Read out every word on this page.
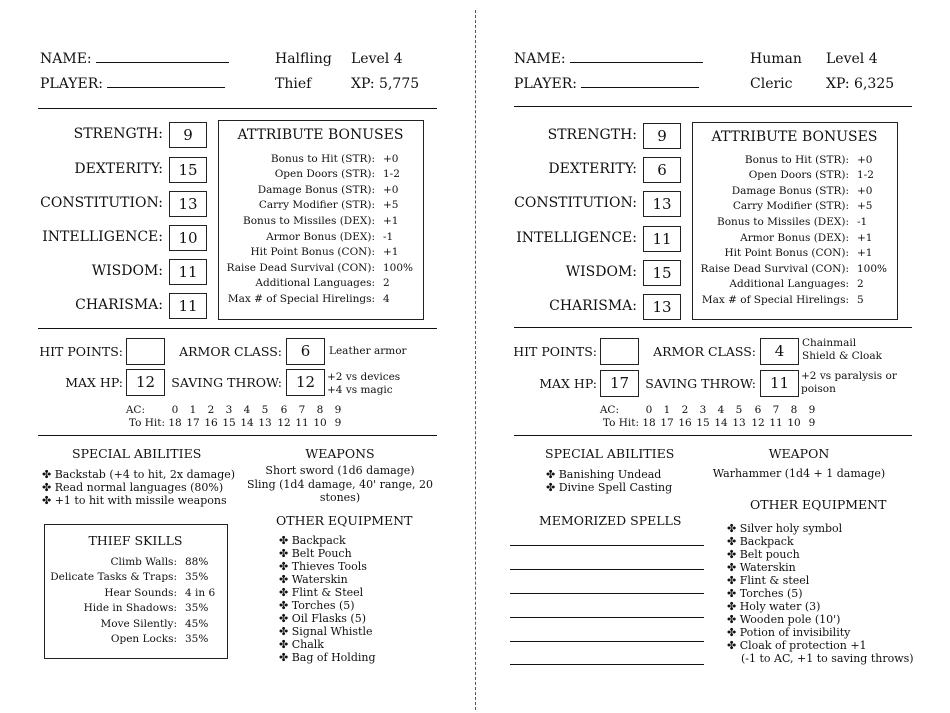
NAME:
PLAYER:
Halfling Level 4
Thief	XP: 5,775
STRENGTH:	9
DEXTERITY:	15
CONSTITUTION:	13
INTELLIGENCE:	10
WISDOM:	11
CHARISMA:	11
ATTRIBUTE BONUSES
Bonus to Hit (STR): +0
Open Doors (STR): 1-2
Damage Bonus (STR): +0
Carry Modifier (STR): +5
Bonus to Missiles (DEX): +1
Armor Bonus (DEX): -1
Hit Point Bonus (CON): +1
Raise Dead Survival (CON): 100%
Additional Languages: 2
Max # of Special Hirelings: 4
HIT POINTS:	ARMOR CLASS:	6	Leather armor
MAX HP: 12	SAVING THROW: 12	+2 vs devices
+4 vs magic
AC:
To Hit:
0	1	2	3	4	5	6	7	8	9
18 17 16 15 14 13 12 11 10 9
SPECIAL ABILITIES
✤ Backstab (+4 to hit, 2x damage)
✤ Read normal languages (80%)
✤ +1 to hit with missile weapons
WEAPONS
Short sword (1d6 damage)
Sling (1d4 damage, 40' range, 20
stones)
THIEF SKILLS
Climb Walls: 88%
Delicate Tasks & Traps: 35%
Hear Sounds: 4 in 6
Hide in Shadows: 35%
Move Silently: 45%
Open Locks: 35%
OTHER EQUIPMENT
✤ Backpack
✤ Belt Pouch
✤ Thieves Tools
✤ Waterskin
✤ Flint & Steel
✤ Torches (5)
✤ Oil Flasks (5)
✤ Signal Whistle
✤ Chalk
✤ Bag of Holding
NAME:
PLAYER:
Human Level 4
Cleric XP: 6,325
STRENGTH:	9
DEXTERITY:	6
CONSTITUTION:	13
INTELLIGENCE:	11
WISDOM:	15
CHARISMA:	13
ATTRIBUTE BONUSES
Bonus to Hit (STR): +0
Open Doors (STR): 1-2
Damage Bonus (STR): +0
Carry Modifier (STR): +5
Bonus to Missiles (DEX): -1
Armor Bonus (DEX): +1
Hit Point Bonus (CON): +1
Raise Dead Survival (CON): 100%
Additional Languages: 2
Max # of Special Hirelings: 5
HIT POINTS:	ARMOR CLASS:	4	Chainmail
Shield & Cloak
MAX HP: 17	SAVING THROW: 11	+2 vs paralysis or
poison
AC:
To Hit:
0	1	2	3	4	5	6	7	8	9
18 17 16 15 14 13 12 11 10 9
SPECIAL ABILITIES
✤ Banishing Undead
✤ Divine Spell Casting
WEAPON
Warhammer (1d4 + 1 damage)
MEMORIZED SPELLS
OTHER EQUIPMENT
✤ Silver holy symbol
✤ Backpack
✤ Belt pouch
✤ Waterskin
✤ Flint & steel
✤ Torches (5)
✤ Holy water (3)
✤ Wooden pole (10')
✤ Potion of invisibility
✤ Cloak of protection +1
(-1 to AC, +1 to saving throws)
